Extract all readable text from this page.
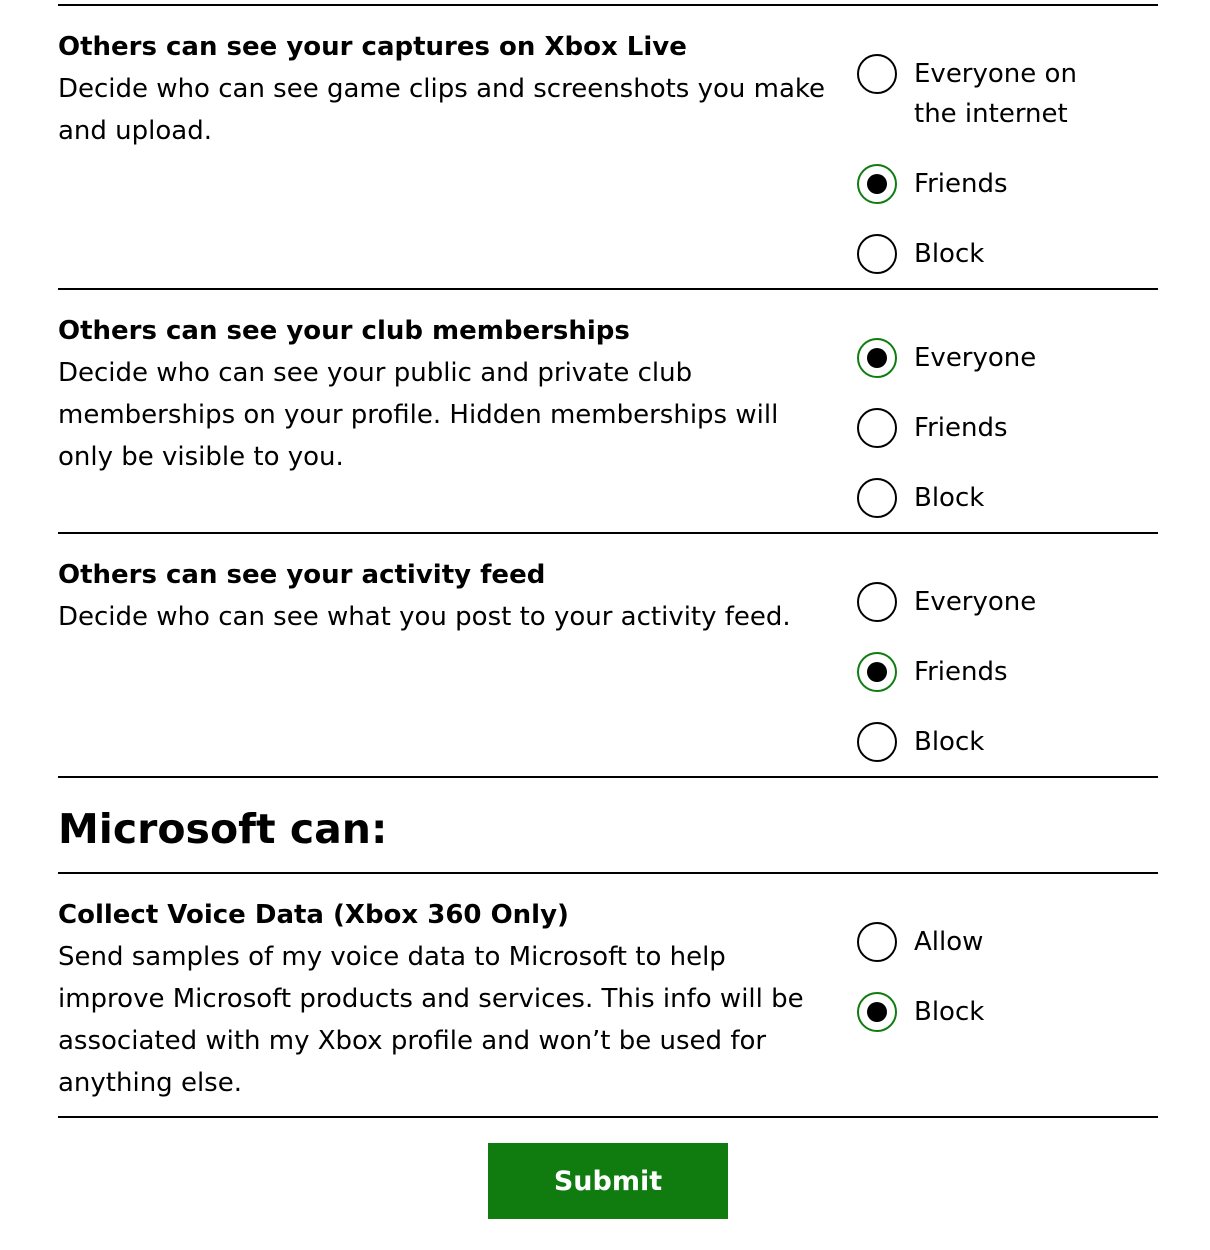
Others can see your captures on Xbox Live
Decide who can see game clips and screenshots you make and upload.
Everyone on the internet
Friends
Block
Others can see your club memberships
Decide who can see your public and private club memberships on your profile. Hidden memberships will only be visible to you.
Everyone
Friends
Block
Others can see your activity feed
Decide who can see what you post to your activity feed.	Everyone
Friends
Block
Microsoft can:
Collect Voice Data (Xbox 360 Only)
Send samples of my voice data to Microsoft to help improve Microsoft products and services. This info will be associated with my Xbox profile and won’t be used for anything else.
Allow
Block
Submit
